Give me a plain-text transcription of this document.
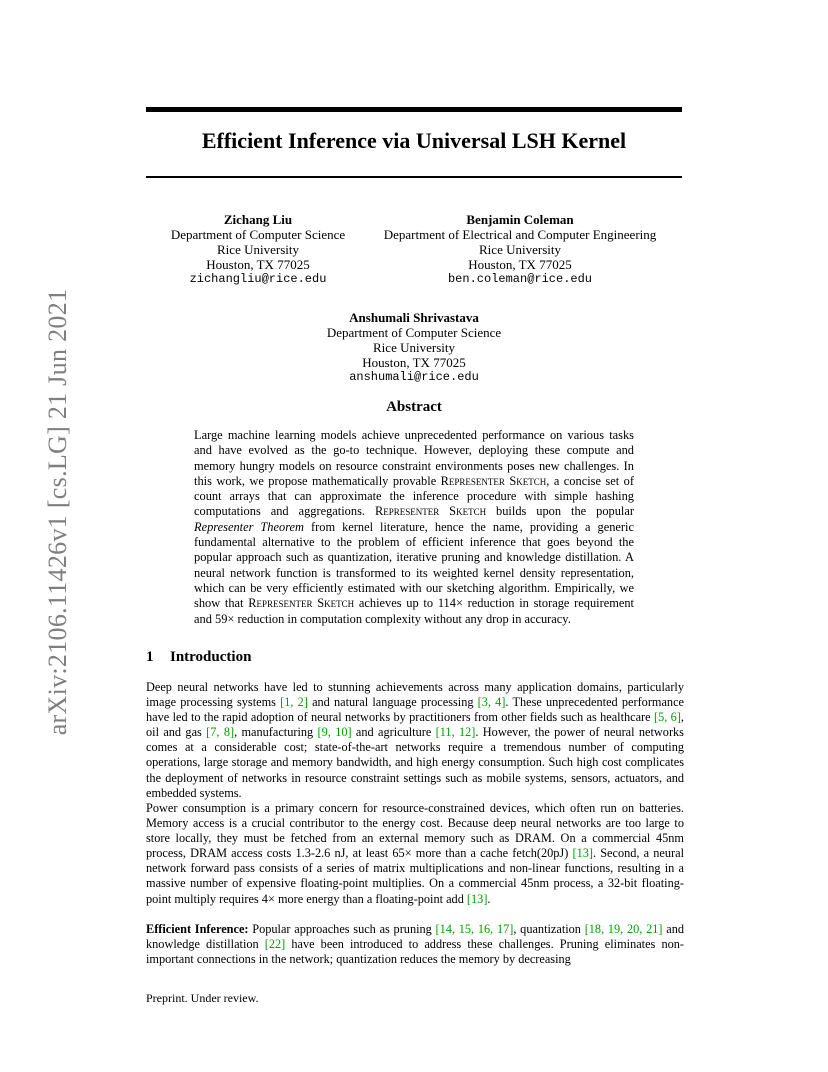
arXiv:2106.11426v1 [cs.LG] 21 Jun 2021
Efficient Inference via Universal LSH Kernel
Zichang Liu
Department of Computer Science
Rice University
Houston, TX 77025
zichangliu@rice.edu
Benjamin Coleman
Department of Electrical and Computer Engineering
Rice University
Houston, TX 77025
ben.coleman@rice.edu
Anshumali Shrivastava
Department of Computer Science
Rice University
Houston, TX 77025
anshumali@rice.edu
Abstract
Large machine learning models achieve unprecedented performance on various tasks and have evolved as the go-to technique. However, deploying these compute and memory hungry models on resource constraint environments poses new challenges. In this work, we propose mathematically provable Representer Sketch, a concise set of count arrays that can approximate the inference procedure with simple hashing computations and aggregations. Representer Sketch builds upon the popular Representer Theorem from kernel literature, hence the name, providing a generic fundamental alternative to the problem of efficient inference that goes beyond the popular approach such as quantization, iterative pruning and knowledge distillation. A neural network function is transformed to its weighted kernel density representation, which can be very efficiently estimated with our sketching algorithm. Empirically, we show that Representer Sketch achieves up to 114× reduction in storage requirement and 59× reduction in computation complexity without any drop in accuracy.
1 Introduction

Deep neural networks have led to stunning achievements across many application domains, particularly image processing systems [1, 2] and natural language processing [3, 4]. These unprecedented performance have led to the rapid adoption of neural networks by practitioners from other fields such as healthcare [5, 6], oil and gas [7, 8], manufacturing [9, 10] and agriculture [11, 12]. However, the power of neural networks comes at a considerable cost; state-of-the-art networks require a tremendous number of computing operations, large storage and memory bandwidth, and high energy consumption. Such high cost complicates the deployment of networks in resource constraint settings such as mobile systems, sensors, actuators, and embedded systems.

Power consumption is a primary concern for resource-constrained devices, which often run on batteries. Memory access is a crucial contributor to the energy cost. Because deep neural networks are too large to store locally, they must be fetched from an external memory such as DRAM. On a commercial 45nm process, DRAM access costs 1.3-2.6 nJ, at least 65× more than a cache fetch(20pJ) [13]. Second, a neural network forward pass consists of a series of matrix multiplications and non-linear functions, resulting in a massive number of expensive floating-point multiplies. On a commercial 45nm process, a 32-bit floating-point multiply requires 4× more energy than a floating-point add [13].

Efficient Inference: Popular approaches such as pruning [14, 15, 16, 17], quantization [18, 19, 20, 21] and knowledge distillation [22] have been introduced to address these challenges. Pruning eliminates non-important connections in the network; quantization reduces the memory by decreasing

Preprint. Under review.
